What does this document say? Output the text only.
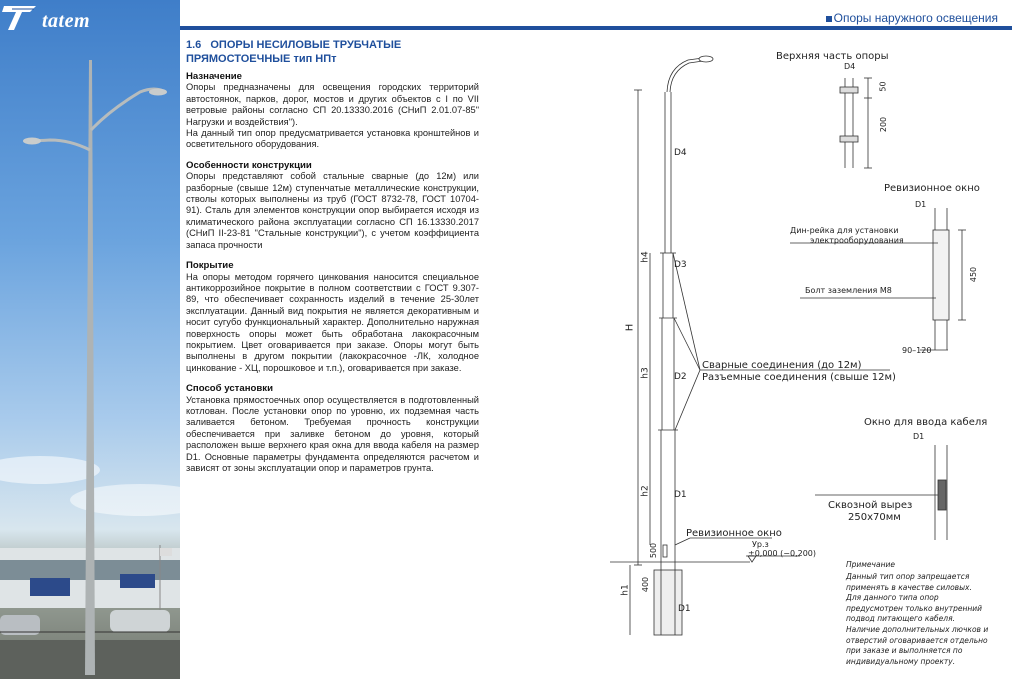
tatem	Опоры наружного освещения
1.6 ОПОРЫ НЕСИЛОВЫЕ ТРУБЧАТЫЕ
ПРЯМОСТОЕЧНЫЕ тип НПт
Назначение
Опоры предназначены для освещения городских территорий автостоянок, парков, дорог, мостов и других объектов с I по VII ветровые районы согласно СП 20.13330.2016 (СНиП 2.01.07-85" Нагрузки и воздействия").
На данный тип опор предусматривается установка кронштейнов и осветительного оборудования.
Особенности конструкции
Опоры представляют собой стальные сварные (до 12м) или разборные (свыше 12м) ступенчатые металлические конструкции, стволы которых выполнены из труб (ГОСТ 8732-78, ГОСТ 10704-91). Сталь для элементов конструкции опор выбирается исходя из климатического района эксплуатации согласно СП 16.13330.2017 (СНиП II-23-81 "Стальные конструкции"), с учетом коэффициента запаса прочности
Покрытие
На опоры методом горячего цинкования наносится специальное антикоррозийное покрытие в полном соответствии с ГОСТ 9.307-89, что обеспечивает сохранность изделий в течение 25-30лет эксплуатации. Данный вид покрытия не является декоративным и носит сугубо функциональный характер. Дополнительно наружная поверхность опоры может быть обработана лакокрасочным покрытием. Цвет оговаривается при заказе. Опоры могут быть выполнены в другом покрытии (лакокрасочное -ЛК, холодное цинкование - ХЦ, порошковое и т.п.), оговаривается при заказе.
Способ установки
Установка прямостоечных опор осуществляется в подготовленный котлован. После установки опор по уровню, их подземная часть заливается бетоном. Требуемая прочность конструкции обеспечивается при заливке бетоном до уровня, который расположен выше верхнего края окна для ввода кабеля на размер D1. Основные параметры фундамента определяются расчетом и зависят от зоны эксплуатации опор и параметров грунта.
D4
D3
D2
D1
D1
h4
h3
h2
h1
H
500
400
Сварные соединения (до 12м)
Разъемные соединения (свыше 12м)
Ревизионное окно
Ур.з
±0,000 (−0,200)
Верхняя часть опоры
D4
50
200
Ревизионное окно
D1
Дин-рейка для установки
электрооборудования
Болт заземления M8
450
90–120
Окно для ввода кабеля
D1
Сквозной вырез
250х70мм
Примечание
Данный тип опор запрещается применять в качестве силовых.
Для данного типа опор предусмотрен только внутренний подвод питающего кабеля.
Наличие дополнительных лючков и отверстий оговаривается отдельно при заказе и выполняется по индивидуальному проекту.
